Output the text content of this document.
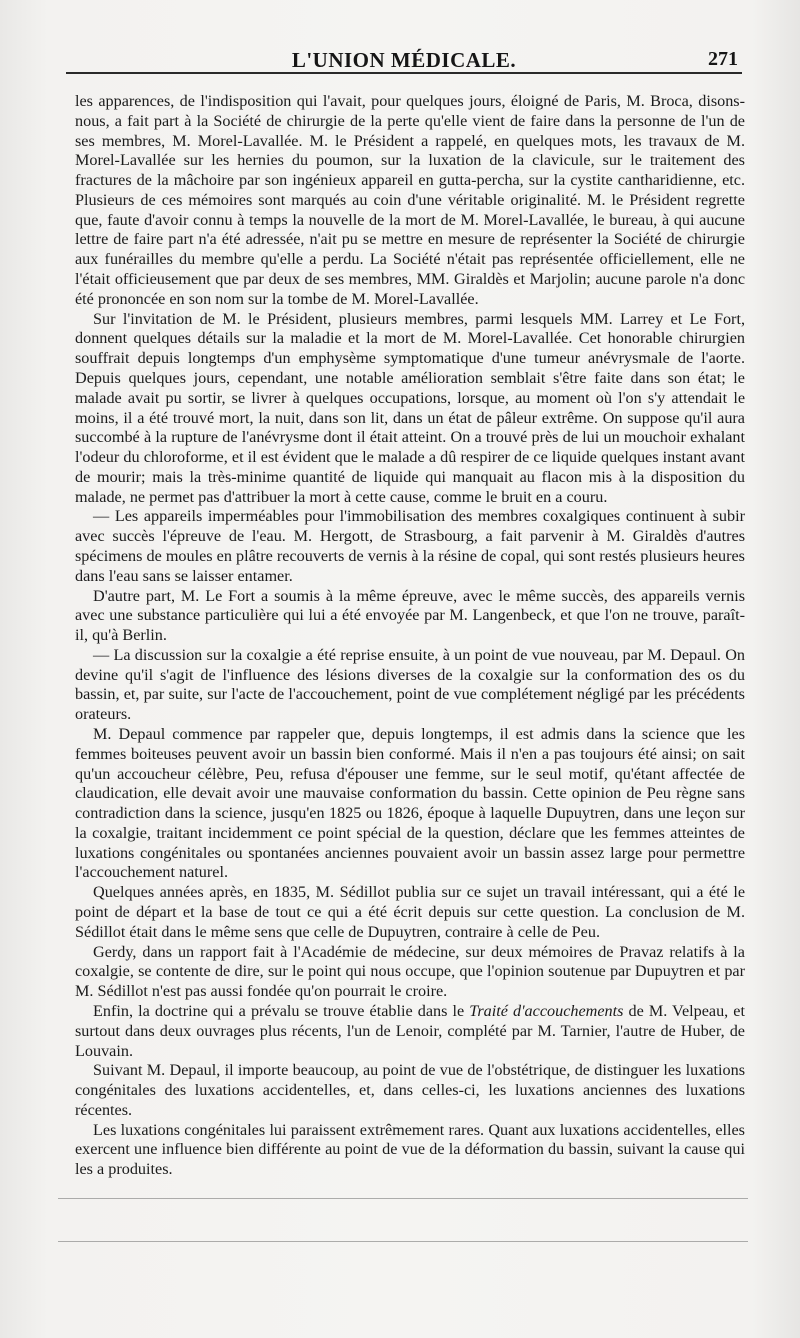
L'UNION MÉDICALE.	271

les apparences, de l'indisposition qui l'avait, pour quelques jours, éloigné de Paris, M. Broca, disons-nous, a fait part à la Société de chirurgie de la perte qu'elle vient de faire dans la personne de l'un de ses membres, M. Morel-Lavallée. M. le Président a rappelé, en quelques mots, les travaux de M. Morel-Lavallée sur les hernies du poumon, sur la luxation de la clavicule, sur le traitement des fractures de la mâchoire par son ingénieux appareil en gutta-percha, sur la cystite cantharidienne, etc. Plusieurs de ces mémoires sont marqués au coin d'une véritable originalité. M. le Président regrette que, faute d'avoir connu à temps la nouvelle de la mort de M. Morel-Lavallée, le bureau, à qui aucune lettre de faire part n'a été adressée, n'ait pu se mettre en mesure de représenter la Société de chirurgie aux funérailles du membre qu'elle a perdu. La Société n'était pas représentée officiellement, elle ne l'était officieusement que par deux de ses membres, MM. Giraldès et Marjolin; aucune parole n'a donc été prononcée en son nom sur la tombe de M. Morel-Lavallée.

Sur l'invitation de M. le Président, plusieurs membres, parmi lesquels MM. Larrey et Le Fort, donnent quelques détails sur la maladie et la mort de M. Morel-Lavallée. Cet honorable chirurgien souffrait depuis longtemps d'un emphysème symptomatique d'une tumeur anévrysmale de l'aorte. Depuis quelques jours, cependant, une notable amélioration semblait s'être faite dans son état; le malade avait pu sortir, se livrer à quelques occupations, lorsque, au moment où l'on s'y attendait le moins, il a été trouvé mort, la nuit, dans son lit, dans un état de pâleur extrême. On suppose qu'il aura succombé à la rupture de l'anévrysme dont il était atteint. On a trouvé près de lui un mouchoir exhalant l'odeur du chloroforme, et il est évident que le malade a dû respirer de ce liquide quelques instant avant de mourir; mais la très-minime quantité de liquide qui manquait au flacon mis à la disposition du malade, ne permet pas d'attribuer la mort à cette cause, comme le bruit en a couru.

— Les appareils imperméables pour l'immobilisation des membres coxalgiques continuent à subir avec succès l'épreuve de l'eau. M. Hergott, de Strasbourg, a fait parvenir à M. Giraldès d'autres spécimens de moules en plâtre recouverts de vernis à la résine de copal, qui sont restés plusieurs heures dans l'eau sans se laisser entamer.

D'autre part, M. Le Fort a soumis à la même épreuve, avec le même succès, des appareils vernis avec une substance particulière qui lui a été envoyée par M. Langenbeck, et que l'on ne trouve, paraît-il, qu'à Berlin.

— La discussion sur la coxalgie a été reprise ensuite, à un point de vue nouveau, par M. Depaul. On devine qu'il s'agit de l'influence des lésions diverses de la coxalgie sur la conformation des os du bassin, et, par suite, sur l'acte de l'accouchement, point de vue complétement négligé par les précédents orateurs.

M. Depaul commence par rappeler que, depuis longtemps, il est admis dans la science que les femmes boiteuses peuvent avoir un bassin bien conformé. Mais il n'en a pas toujours été ainsi; on sait qu'un accoucheur célèbre, Peu, refusa d'épouser une femme, sur le seul motif, qu'étant affectée de claudication, elle devait avoir une mauvaise conformation du bassin. Cette opinion de Peu règne sans contradiction dans la science, jusqu'en 1825 ou 1826, époque à laquelle Dupuytren, dans une leçon sur la coxalgie, traitant incidemment ce point spécial de la question, déclare que les femmes atteintes de luxations congénitales ou spontanées anciennes pouvaient avoir un bassin assez large pour permettre l'accouchement naturel.

Quelques années après, en 1835, M. Sédillot publia sur ce sujet un travail intéressant, qui a été le point de départ et la base de tout ce qui a été écrit depuis sur cette question. La conclusion de M. Sédillot était dans le même sens que celle de Dupuytren, contraire à celle de Peu.

Gerdy, dans un rapport fait à l'Académie de médecine, sur deux mémoires de Pravaz relatifs à la coxalgie, se contente de dire, sur le point qui nous occupe, que l'opinion soutenue par Dupuytren et par M. Sédillot n'est pas aussi fondée qu'on pourrait le croire.

Enfin, la doctrine qui a prévalu se trouve établie dans le Traité d'accouchements de M. Velpeau, et surtout dans deux ouvrages plus récents, l'un de Lenoir, complété par M. Tarnier, l'autre de Huber, de Louvain.

Suivant M. Depaul, il importe beaucoup, au point de vue de l'obstétrique, de distinguer les luxations congénitales des luxations accidentelles, et, dans celles-ci, les luxations anciennes des luxations récentes.

Les luxations congénitales lui paraissent extrêmement rares. Quant aux luxations accidentelles, elles exercent une influence bien différente au point de vue de la déformation du bassin, suivant la cause qui les a produites.
